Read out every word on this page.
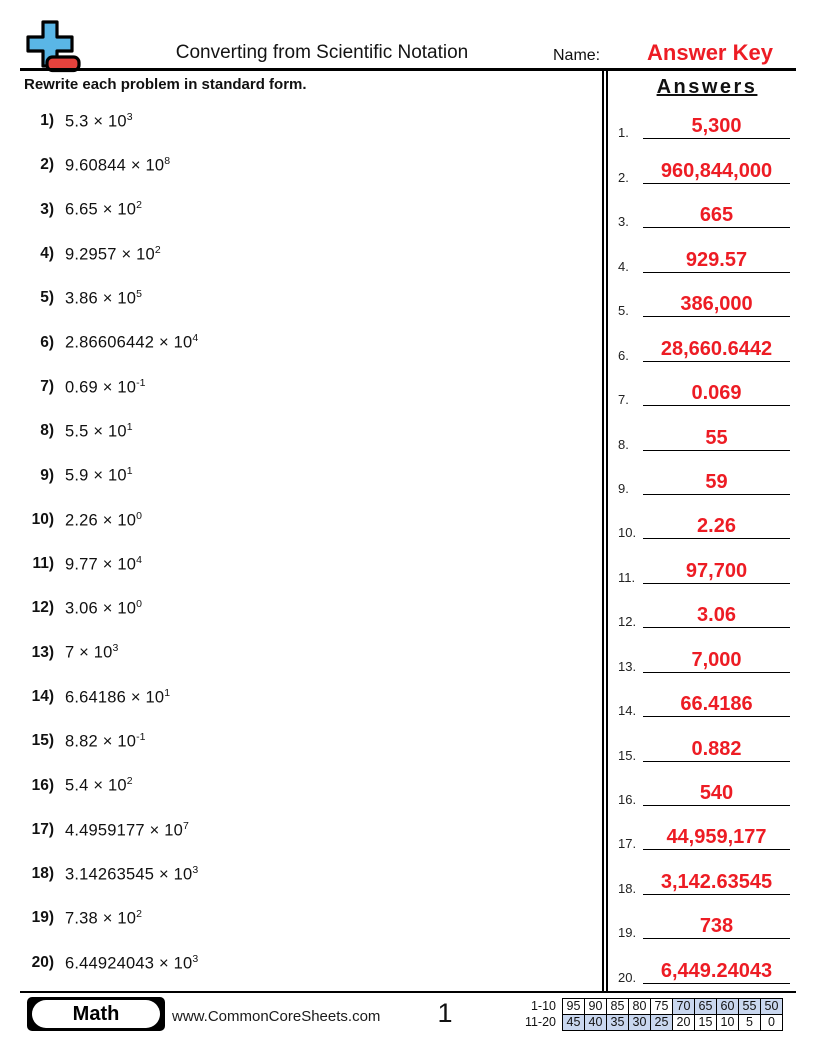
Converting from Scientific Notation	Name:	Answer Key
Rewrite each problem in standard form.
1) $5.3 \times 10^3$
2) $9.60844 \times 10^8$
3) $6.65 \times 10^2$
4) $9.2957 \times 10^2$
5) $3.86 \times 10^5$
6) $2.86606442 \times 10^4$
7) $0.69 \times 10^{-1}$
8) $5.5 \times 10^1$
9) $5.9 \times 10^1$
10) $2.26 \times 10^0$
11) $9.77 \times 10^4$
12) $3.06 \times 10^0$
13) $7 \times 10^3$
14) $6.64186 \times 10^1$
15) $8.82 \times 10^{-1}$
16) $5.4 \times 10^2$
17) $4.4959177 \times 10^7$
18) $3.14263545 \times 10^3$
19) $7.38 \times 10^2$
20) $6.44924043 \times 10^3$
Answers
1.	5,300
2.	960,844,000
3.	665
4.	929.57
5.	386,000
6.	28,660.6442
7.	0.069
8.	55
9.	59
10.	2.26
11.	97,700
12.	3.06
13.	7,000
14.	66.4186
15.	0.882
16.	540
17.	44,959,177
18.	3,142.63545
19.	738
20.	6,449.24043
Math	www.CommonCoreSheets.com	1	1-10 95 90 85 80 75 70 65 60 55 50
11-20 45 40 35 30 25 20 15 10 5	0
